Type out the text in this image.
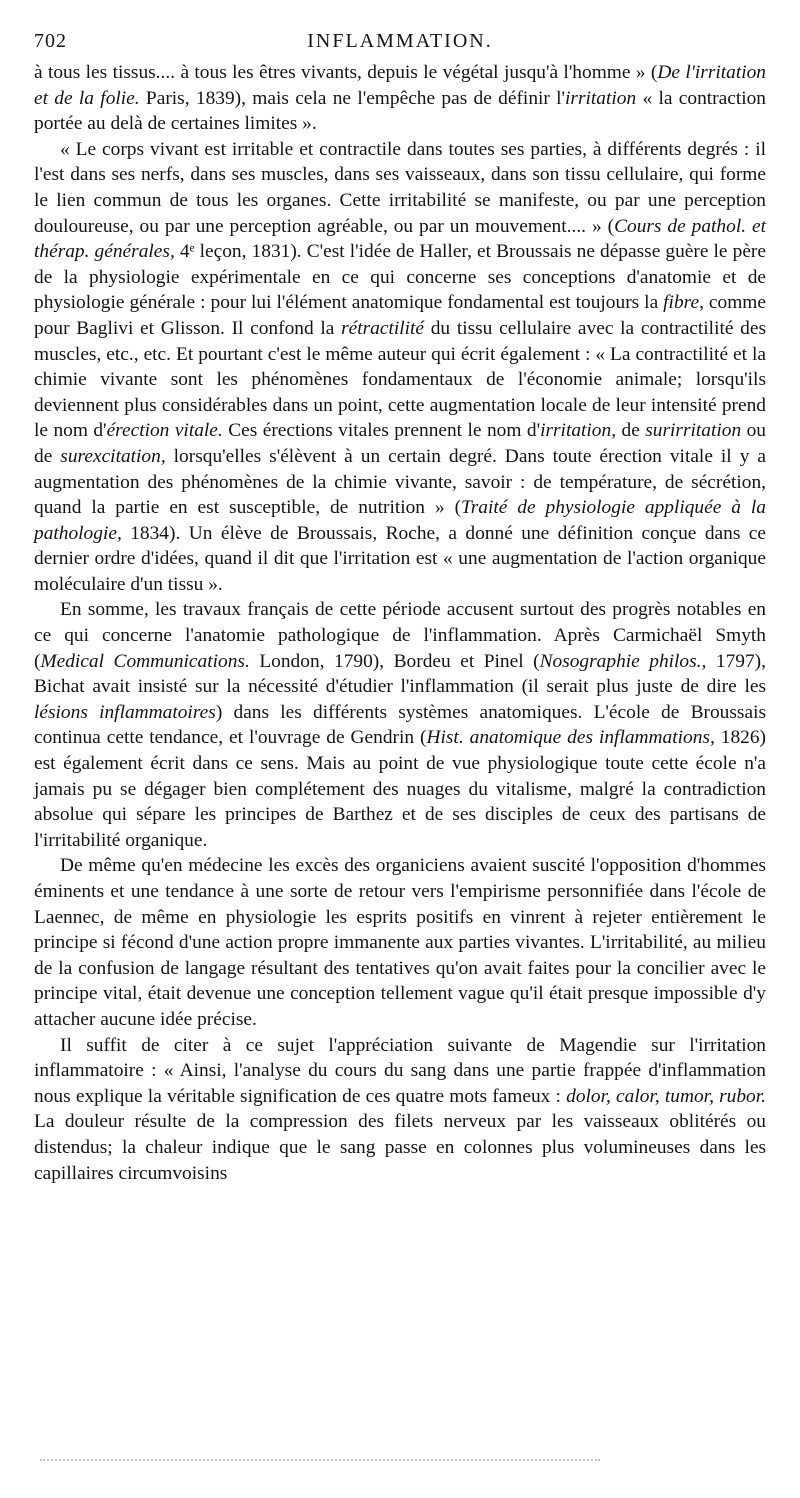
702	INFLAMMATION.

à tous les tissus.... à tous les êtres vivants, depuis le végétal jusqu'à l'homme » (De l'irritation et de la folie. Paris, 1839), mais cela ne l'empêche pas de définir l'irritation « la contraction portée au delà de certaines limites ».

« Le corps vivant est irritable et contractile dans toutes ses parties, à différents degrés : il l'est dans ses nerfs, dans ses muscles, dans ses vaisseaux, dans son tissu cellulaire, qui forme le lien commun de tous les organes. Cette irritabilité se manifeste, ou par une perception douloureuse, ou par une perception agréable, ou par un mouvement.... » (Cours de pathol. et thérap. générales, 4ᵉ leçon, 1831). C'est l'idée de Haller, et Broussais ne dépasse guère le père de la physiologie expérimentale en ce qui concerne ses conceptions d'anatomie et de physiologie générale : pour lui l'élément anatomique fondamental est toujours la fibre, comme pour Baglivi et Glisson. Il confond la rétractilité du tissu cellulaire avec la contractilité des muscles, etc., etc. Et pourtant c'est le même auteur qui écrit également : « La contractilité et la chimie vivante sont les phénomènes fondamentaux de l'économie animale; lorsqu'ils deviennent plus considérables dans un point, cette augmentation locale de leur intensité prend le nom d'érection vitale. Ces érections vitales prennent le nom d'irritation, de surirritation ou de surexcitation, lorsqu'elles s'élèvent à un certain degré. Dans toute érection vitale il y a augmentation des phénomènes de la chimie vivante, savoir : de température, de sécrétion, quand la partie en est susceptible, de nutrition » (Traité de physiologie appliquée à la pathologie, 1834). Un élève de Broussais, Roche, a donné une définition conçue dans ce dernier ordre d'idées, quand il dit que l'irritation est « une augmentation de l'action organique moléculaire d'un tissu ».

En somme, les travaux français de cette période accusent surtout des progrès notables en ce qui concerne l'anatomie pathologique de l'inflammation. Après Carmichaël Smyth (Medical Communications. London, 1790), Bordeu et Pinel (Nosographie philos., 1797), Bichat avait insisté sur la nécessité d'étudier l'inflammation (il serait plus juste de dire les lésions inflammatoires) dans les différents systèmes anatomiques. L'école de Broussais continua cette tendance, et l'ouvrage de Gendrin (Hist. anatomique des inflammations, 1826) est également écrit dans ce sens. Mais au point de vue physiologique toute cette école n'a jamais pu se dégager bien complétement des nuages du vitalisme, malgré la contradiction absolue qui sépare les principes de Barthez et de ses disciples de ceux des partisans de l'irritabilité organique.

De même qu'en médecine les excès des organiciens avaient suscité l'opposition d'hommes éminents et une tendance à une sorte de retour vers l'empirisme personnifiée dans l'école de Laennec, de même en physiologie les esprits positifs en vinrent à rejeter entièrement le principe si fécond d'une action propre immanente aux parties vivantes. L'irritabilité, au milieu de la confusion de langage résultant des tentatives qu'on avait faites pour la concilier avec le principe vital, était devenue une conception tellement vague qu'il était presque impossible d'y attacher aucune idée précise.

Il suffit de citer à ce sujet l'appréciation suivante de Magendie sur l'irritation inflammatoire : « Ainsi, l'analyse du cours du sang dans une partie frappée d'inflammation nous explique la véritable signification de ces quatre mots fameux : dolor, calor, tumor, rubor. La douleur résulte de la compression des filets nerveux par les vaisseaux oblitérés ou distendus; la chaleur indique que le sang passe en colonnes plus volumineuses dans les capillaires circumvoisins
